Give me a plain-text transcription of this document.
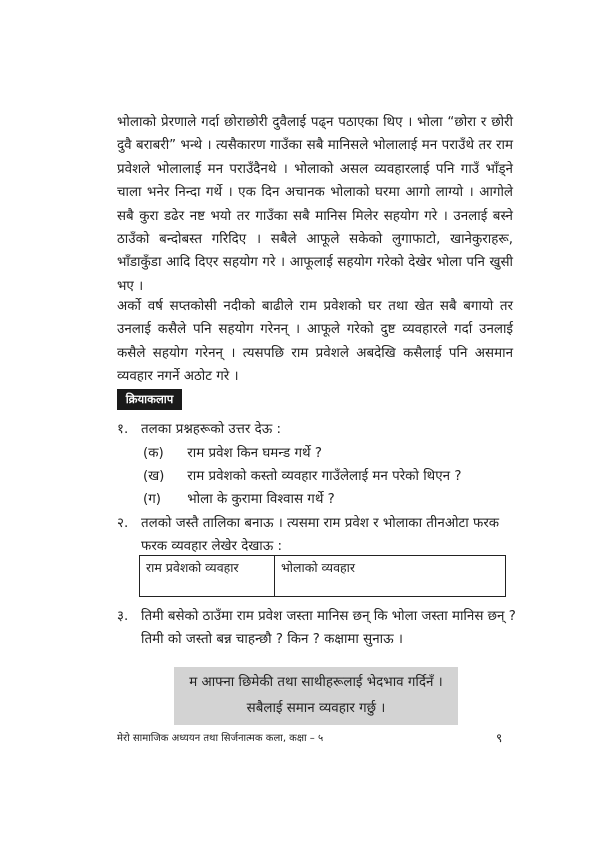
भोलाको प्रेरणाले गर्दा छोराछोरी दुवैलाई पढ्न पठाएका थिए । भोला “छोरा र छोरी दुवै बराबरी” भन्थे । त्यसैकारण गाउँका सबै मानिसले भोलालाई मन पराउँथे तर राम प्रवेशले भोलालाई मन पराउँदैनथे । भोलाको असल व्यवहारलाई पनि गाउँ भाँड्ने चाला भनेर निन्दा गर्थे । एक दिन अचानक भोलाको घरमा आगो लाग्यो । आगोले सबै कुरा डढेर नष्ट भयो तर गाउँका सबै मानिस मिलेर सहयोग गरे । उनलाई बस्ने ठाउँको बन्दोबस्त गरिदिए । सबैले आफूले सकेको लुगाफाटो, खानेकुराहरू, भाँडाकुँडा आदि दिएर सहयोग गरे । आफूलाई सहयोग गरेको देखेर भोला पनि खुसी भए ।

अर्को वर्ष सप्तकोसी नदीको बाढीले राम प्रवेशको घर तथा खेत सबै बगायो तर उनलाई कसैले पनि सहयोग गरेनन् । आफूले गरेको दुष्ट व्यवहारले गर्दा उनलाई कसैले सहयोग गरेनन् । त्यसपछि राम प्रवेशले अबदेखि कसैलाई पनि असमान व्यवहार नगर्ने अठोट गरे ।

क्रियाकलाप
१. तलका प्रश्नहरूको उत्तर देऊ :
(क) राम प्रवेश किन घमन्ड गर्थे ?
(ख) राम प्रवेशको कस्तो व्यवहार गाउँलेलाई मन परेको थिएन ?
(ग) भोला के कुरामा विश्वास गर्थे ?
२. तलको जस्तै तालिका बनाऊ । त्यसमा राम प्रवेश र भोलाका तीनओटा फरक फरक व्यवहार लेखेर देखाऊ :
राम प्रवेशको व्यवहार	भोलाको व्यवहार
३. तिमी बसेको ठाउँमा राम प्रवेश जस्ता मानिस छन् कि भोला जस्ता मानिस छन् ? तिमी को जस्तो बन्न चाहन्छौ ? किन ? कक्षामा सुनाऊ ।
म आफ्ना छिमेकी तथा साथीहरूलाई भेदभाव गर्दिनँ ।
सबैलाई समान व्यवहार गर्छु ।
मेरो सामाजिक अध्ययन तथा सिर्जनात्मक कला, कक्षा – ५	९
